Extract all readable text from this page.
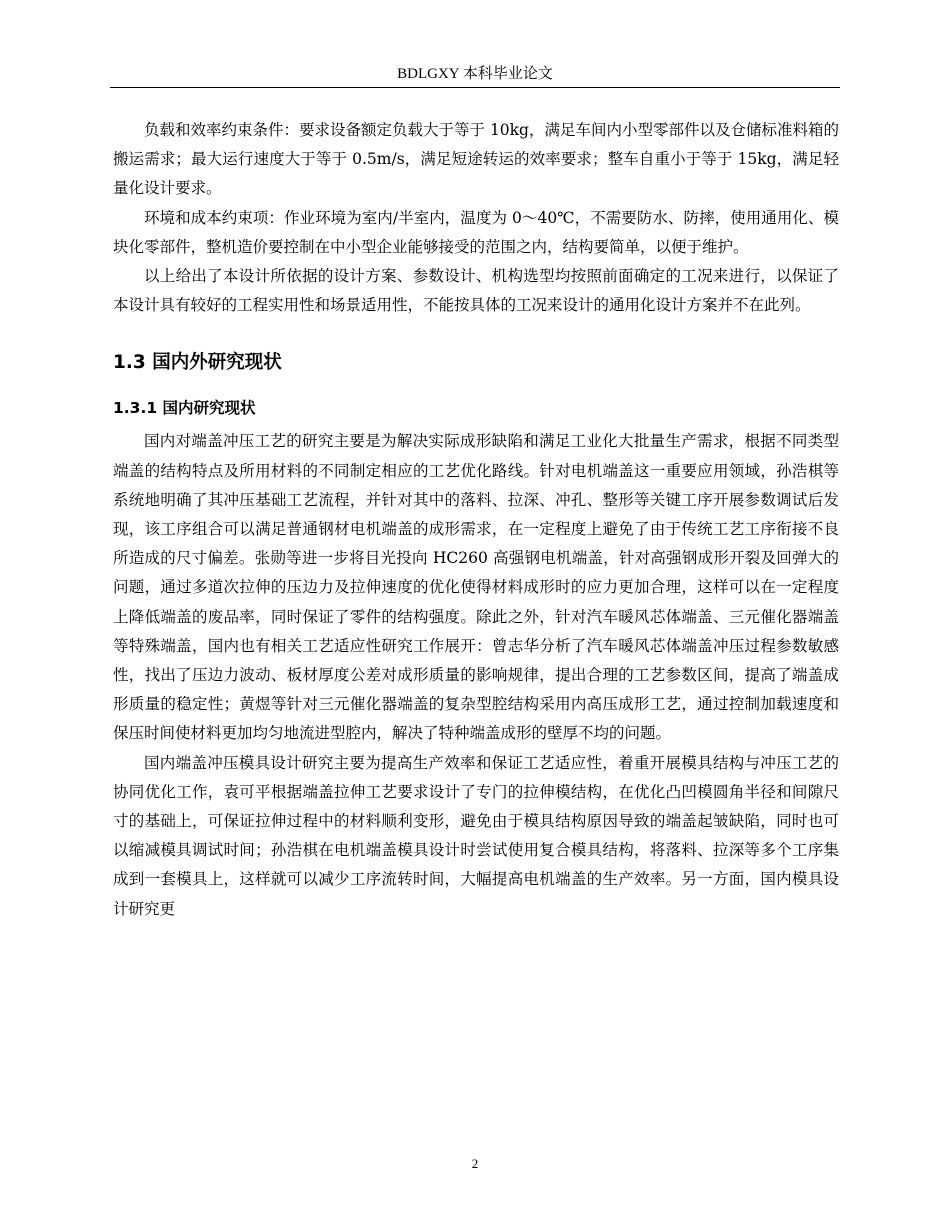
BDLGXY 本科毕业论文

负载和效率约束条件：要求设备额定负载大于等于 10kg，满足车间内小型零部件以及仓储标准料箱的搬运需求；最大运行速度大于等于 0.5m/s，满足短途转运的效率要求；整车自重小于等于 15kg，满足轻量化设计要求。

环境和成本约束项：作业环境为室内/半室内，温度为 0～40℃，不需要防水、防摔，使用通用化、模块化零部件，整机造价要控制在中小型企业能够接受的范围之内，结构要简单，以便于维护。

以上给出了本设计所依据的设计方案、参数设计、机构选型均按照前面确定的工况来进行，以保证了本设计具有较好的工程实用性和场景适用性，不能按具体的工况来设计的通用化设计方案并不在此列。

1.3 国内外研究现状
1.3.1 国内研究现状

国内对端盖冲压工艺的研究主要是为解决实际成形缺陷和满足工业化大批量生产需求，根据不同类型端盖的结构特点及所用材料的不同制定相应的工艺优化路线。针对电机端盖这一重要应用领域，孙浩棋等系统地明确了其冲压基础工艺流程，并针对其中的落料、拉深、冲孔、整形等关键工序开展参数调试后发现，该工序组合可以满足普通钢材电机端盖的成形需求，在一定程度上避免了由于传统工艺工序衔接不良所造成的尺寸偏差。张勋等进一步将目光投向 HC260 高强钢电机端盖，针对高强钢成形开裂及回弹大的问题，通过多道次拉伸的压边力及拉伸速度的优化使得材料成形时的应力更加合理，这样可以在一定程度上降低端盖的废品率，同时保证了零件的结构强度。除此之外，针对汽车暖风芯体端盖、三元催化器端盖等特殊端盖，国内也有相关工艺适应性研究工作展开：曾志华分析了汽车暖风芯体端盖冲压过程参数敏感性，找出了压边力波动、板材厚度公差对成形质量的影响规律，提出合理的工艺参数区间，提高了端盖成形质量的稳定性；黄煜等针对三元催化器端盖的复杂型腔结构采用内高压成形工艺，通过控制加载速度和保压时间使材料更加均匀地流进型腔内，解决了特种端盖成形的壁厚不均的问题。

国内端盖冲压模具设计研究主要为提高生产效率和保证工艺适应性，着重开展模具结构与冲压工艺的协同优化工作，袁可平根据端盖拉伸工艺要求设计了专门的拉伸模结构，在优化凸凹模圆角半径和间隙尺寸的基础上，可保证拉伸过程中的材料顺利变形，避免由于模具结构原因导致的端盖起皱缺陷，同时也可以缩减模具调试时间；孙浩棋在电机端盖模具设计时尝试使用复合模具结构，将落料、拉深等多个工序集成到一套模具上，这样就可以减少工序流转时间，大幅提高电机端盖的生产效率。另一方面，国内模具设计研究更

2
